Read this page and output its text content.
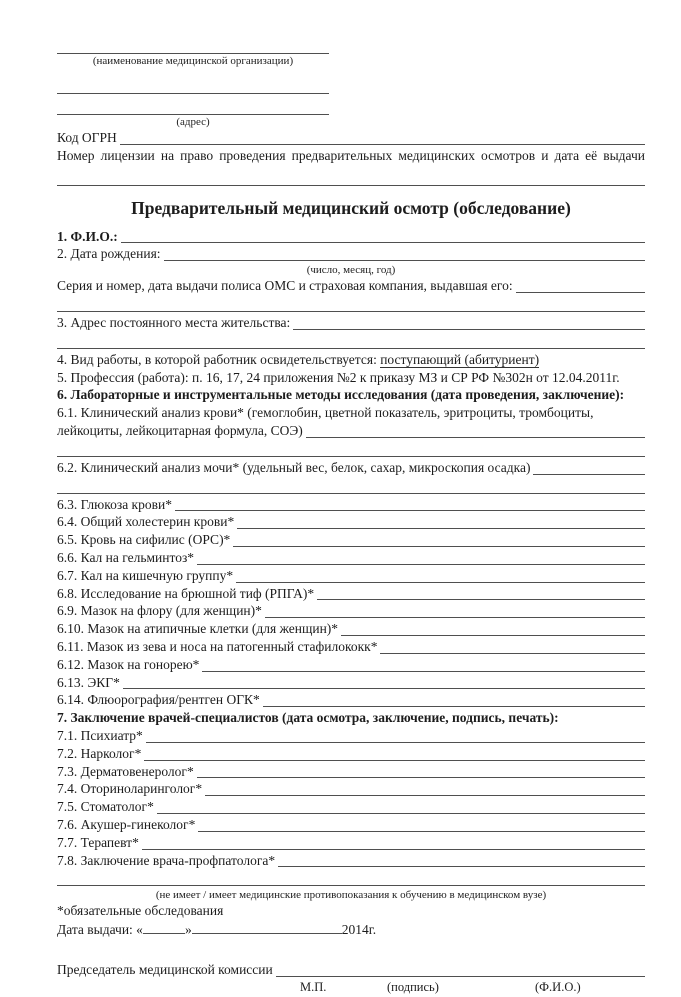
(наименование медицинской организации)
(адрес)
Код ОГРН
Номер лицензии на право проведения предварительных медицинских осмотров и дата её выдачи
Предварительный медицинский осмотр (обследование)
1. Ф.И.О.:
2. Дата рождения:
(число, месяц, год)
Серия и номер, дата выдачи полиса ОМС и страховая компания, выдавшая его:
3. Адрес постоянного места жительства:
4. Вид работы, в которой работник освидетельствуется: поступающий (абитуриент)
5. Профессия (работа): п. 16, 17, 24 приложения №2 к приказу МЗ и СР РФ №302н от 12.04.2011г.
6. Лабораторные и инструментальные методы исследования (дата проведения, заключение):
6.1. Клинический анализ крови* (гемоглобин, цветной показатель, эритроциты, тромбоциты,
лейкоциты, лейкоцитарная формула, СОЭ)
6.2. Клинический анализ мочи* (удельный вес, белок, сахар, микроскопия осадка)
6.3. Глюкоза крови*
6.4. Общий холестерин крови*
6.5. Кровь на сифилис (ОРС)*
6.6. Кал на гельминтоз*
6.7. Кал на кишечную группу*
6.8. Исследование на брюшной тиф (РПГА)*
6.9. Мазок на флору (для женщин)*
6.10. Мазок на атипичные клетки (для женщин)*
6.11. Мазок из зева и носа на патогенный стафилококк*
6.12. Мазок на гонорею*
6.13. ЭКГ*
6.14. Флюорография/рентген ОГК*
7. Заключение врачей-специалистов (дата осмотра, заключение, подпись, печать):
7.1. Психиатр*
7.2. Нарколог*
7.3. Дерматовенеролог*
7.4. Оториноларинголог*
7.5. Стоматолог*
7.6. Акушер-гинеколог*
7.7. Терапевт*
7.8. Заключение врача-профпатолога*
(не имеет / имеет медицинские противопоказания к обучению в медицинском вузе)
*обязательные обследования
Дата выдачи: «	»	2014г.
Председатель медицинской комиссии
М.П.	(подпись)	(Ф.И.О.)
